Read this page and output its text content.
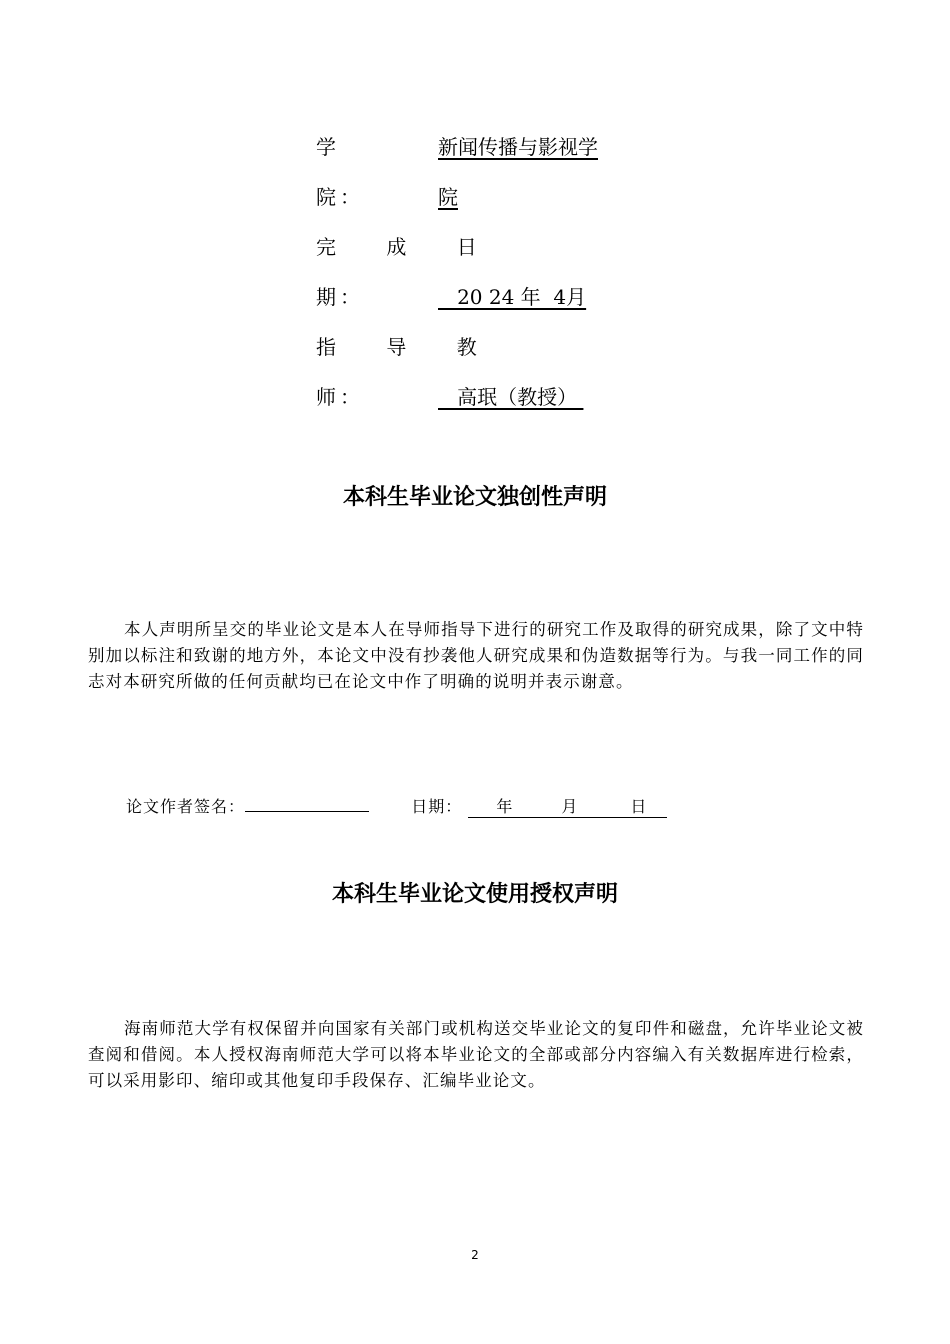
学	新闻传播与影视学
院：	院
完 成 日
期：	20 24 年  4月
指 导 教
师：	高珉（教授）
本科生毕业论文独创性声明

本人声明所呈交的毕业论文是本人在导师指导下进行的研究工作及取得的研究成果，除了文中特别加以标注和致谢的地方外，本论文中没有抄袭他人研究成果和伪造数据等行为。与我一同工作的同志对本研究所做的任何贡献均已在论文中作了明确的说明并表示谢意。

论文作者签名：	日期： 年	月	日
本科生毕业论文使用授权声明

海南师范大学有权保留并向国家有关部门或机构送交毕业论文的复印件和磁盘，允许毕业论文被查阅和借阅。本人授权海南师范大学可以将本毕业论文的全部或部分内容编入有关数据库进行检索，可以采用影印、缩印或其他复印手段保存、汇编毕业论文。

2
